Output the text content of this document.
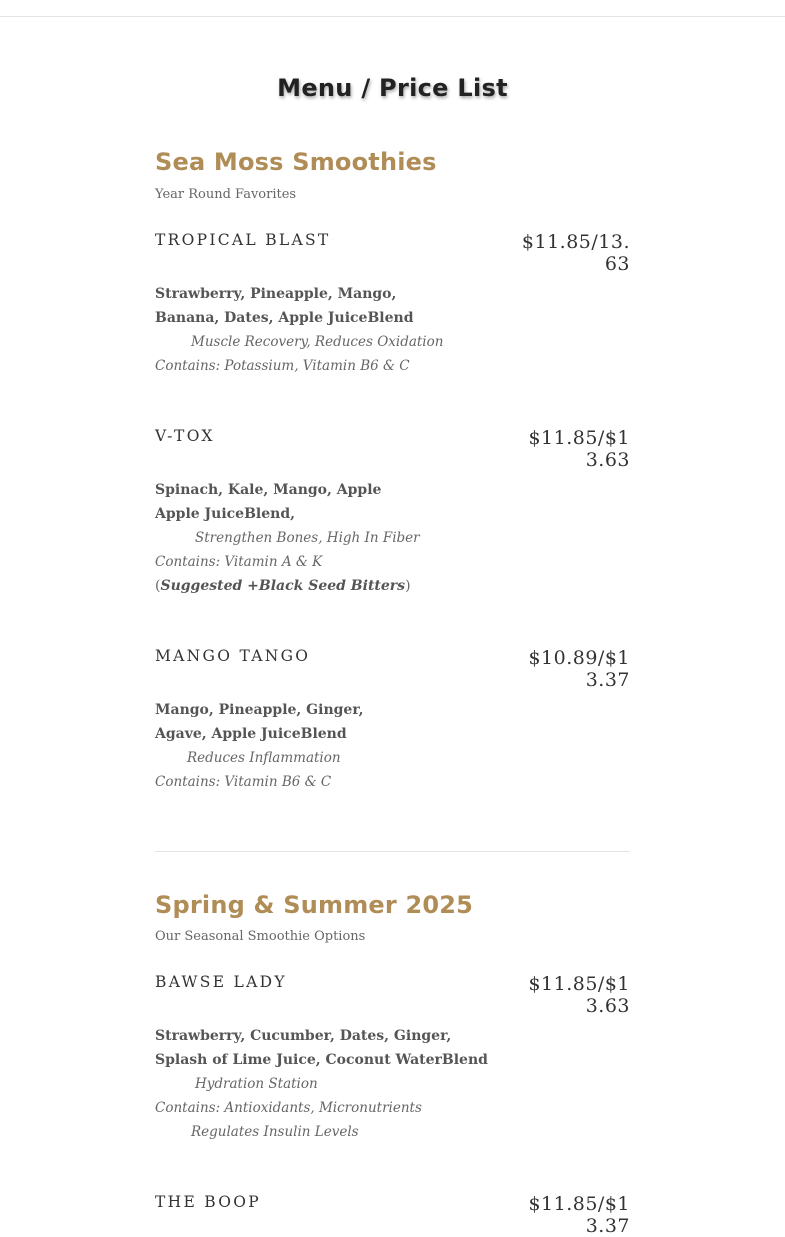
Menu / Price List
Sea Moss Smoothies
Year Round Favorites
TROPICAL BLAST	$11.85/13.63
Strawberry, Pineapple, Mango,
Banana, Dates, Apple JuiceBlend
Muscle Recovery, Reduces Oxidation
Contains: Potassium, Vitamin B6 & C
V-TOX	$11.85/$13.63
Spinach, Kale, Mango, Apple
Apple JuiceBlend,
Strengthen Bones, High In Fiber
Contains: Vitamin A & K
(Suggested +Black Seed Bitters)
MANGO TANGO	$10.89/$13.37
Mango, Pineapple, Ginger,
Agave, Apple JuiceBlend
Reduces Inflammation
Contains: Vitamin B6 & C
Spring & Summer 2025
Our Seasonal Smoothie Options
BAWSE LADY	$11.85/$13.63
Strawberry, Cucumber, Dates, Ginger,
Splash of Lime Juice, Coconut WaterBlend
Hydration Station
Contains: Antioxidants, Micronutrients
Regulates Insulin Levels
THE BOOP	$11.85/$13.37
